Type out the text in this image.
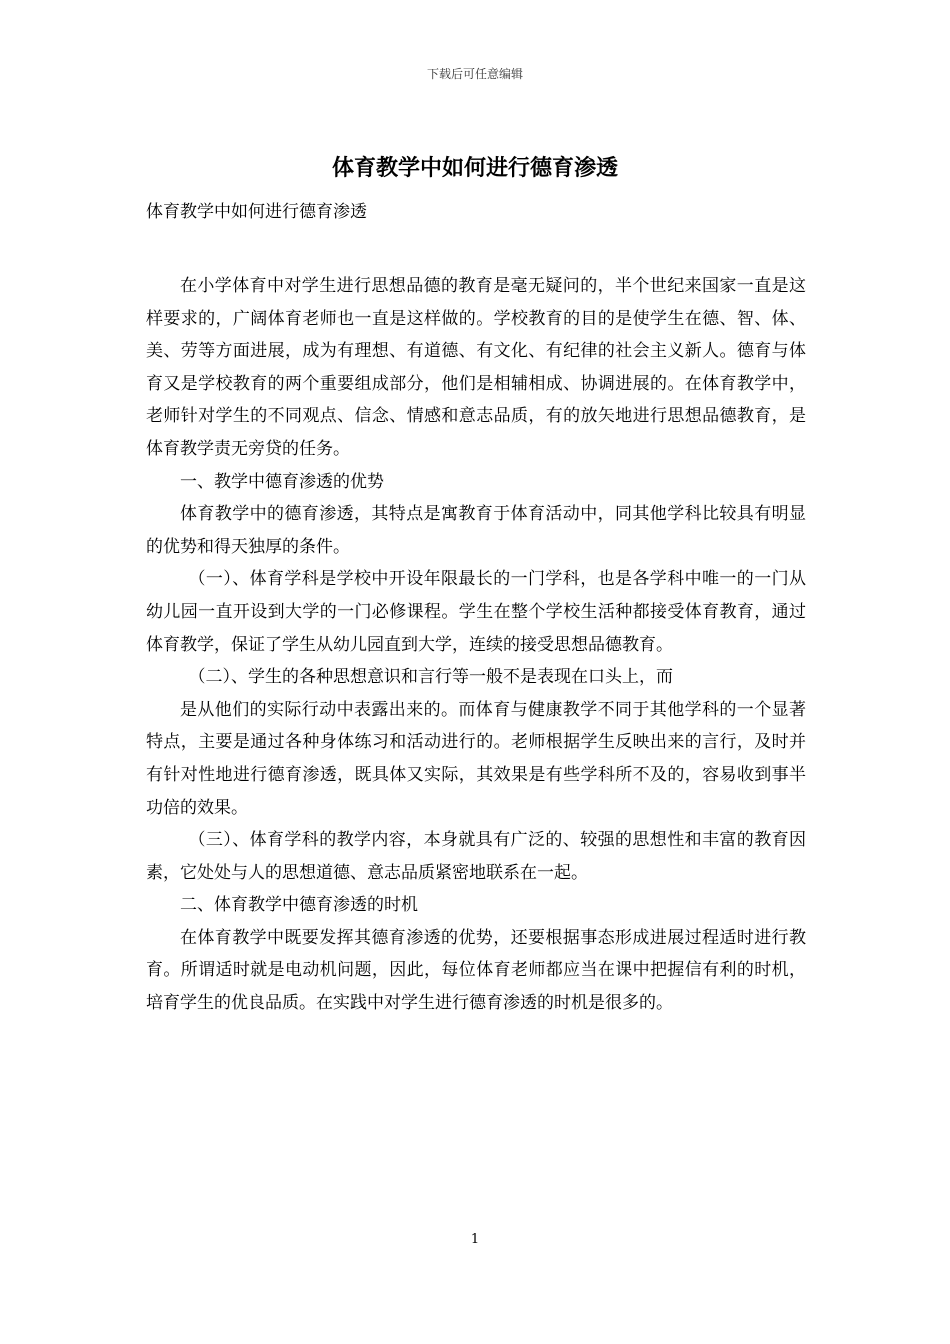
下载后可任意编辑
体育教学中如何进行德育渗透
体育教学中如何进行德育渗透

在小学体育中对学生进行思想品德的教育是毫无疑问的，半个世纪来国家一直是这样要求的，广阔体育老师也一直是这样做的。学校教育的目的是使学生在德、智、体、美、劳等方面进展，成为有理想、有道德、有文化、有纪律的社会主义新人。德育与体育又是学校教育的两个重要组成部分，他们是相辅相成、协调进展的。在体育教学中，老师针对学生的不同观点、信念、情感和意志品质，有的放矢地进行思想品德教育，是体育教学责无旁贷的任务。

一、教学中德育渗透的优势

体育教学中的德育渗透，其特点是寓教育于体育活动中，同其他学科比较具有明显的优势和得天独厚的条件。

（一）、体育学科是学校中开设年限最长的一门学科，也是各学科中唯一的一门从幼儿园一直开设到大学的一门必修课程。学生在整个学校生活种都接受体育教育，通过体育教学，保证了学生从幼儿园直到大学，连续的接受思想品德教育。

（二）、学生的各种思想意识和言行等一般不是表现在口头上，而

是从他们的实际行动中表露出来的。而体育与健康教学不同于其他学科的一个显著特点，主要是通过各种身体练习和活动进行的。老师根据学生反映出来的言行，及时并有针对性地进行德育渗透，既具体又实际，其效果是有些学科所不及的，容易收到事半功倍的效果。

（三）、体育学科的教学内容，本身就具有广泛的、较强的思想性和丰富的教育因素，它处处与人的思想道德、意志品质紧密地联系在一起。

二、体育教学中德育渗透的时机

在体育教学中既要发挥其德育渗透的优势，还要根据事态形成进展过程适时进行教育。所谓适时就是电动机问题，因此，每位体育老师都应当在课中把握信有利的时机，培育学生的优良品质。在实践中对学生进行德育渗透的时机是很多的。

1
